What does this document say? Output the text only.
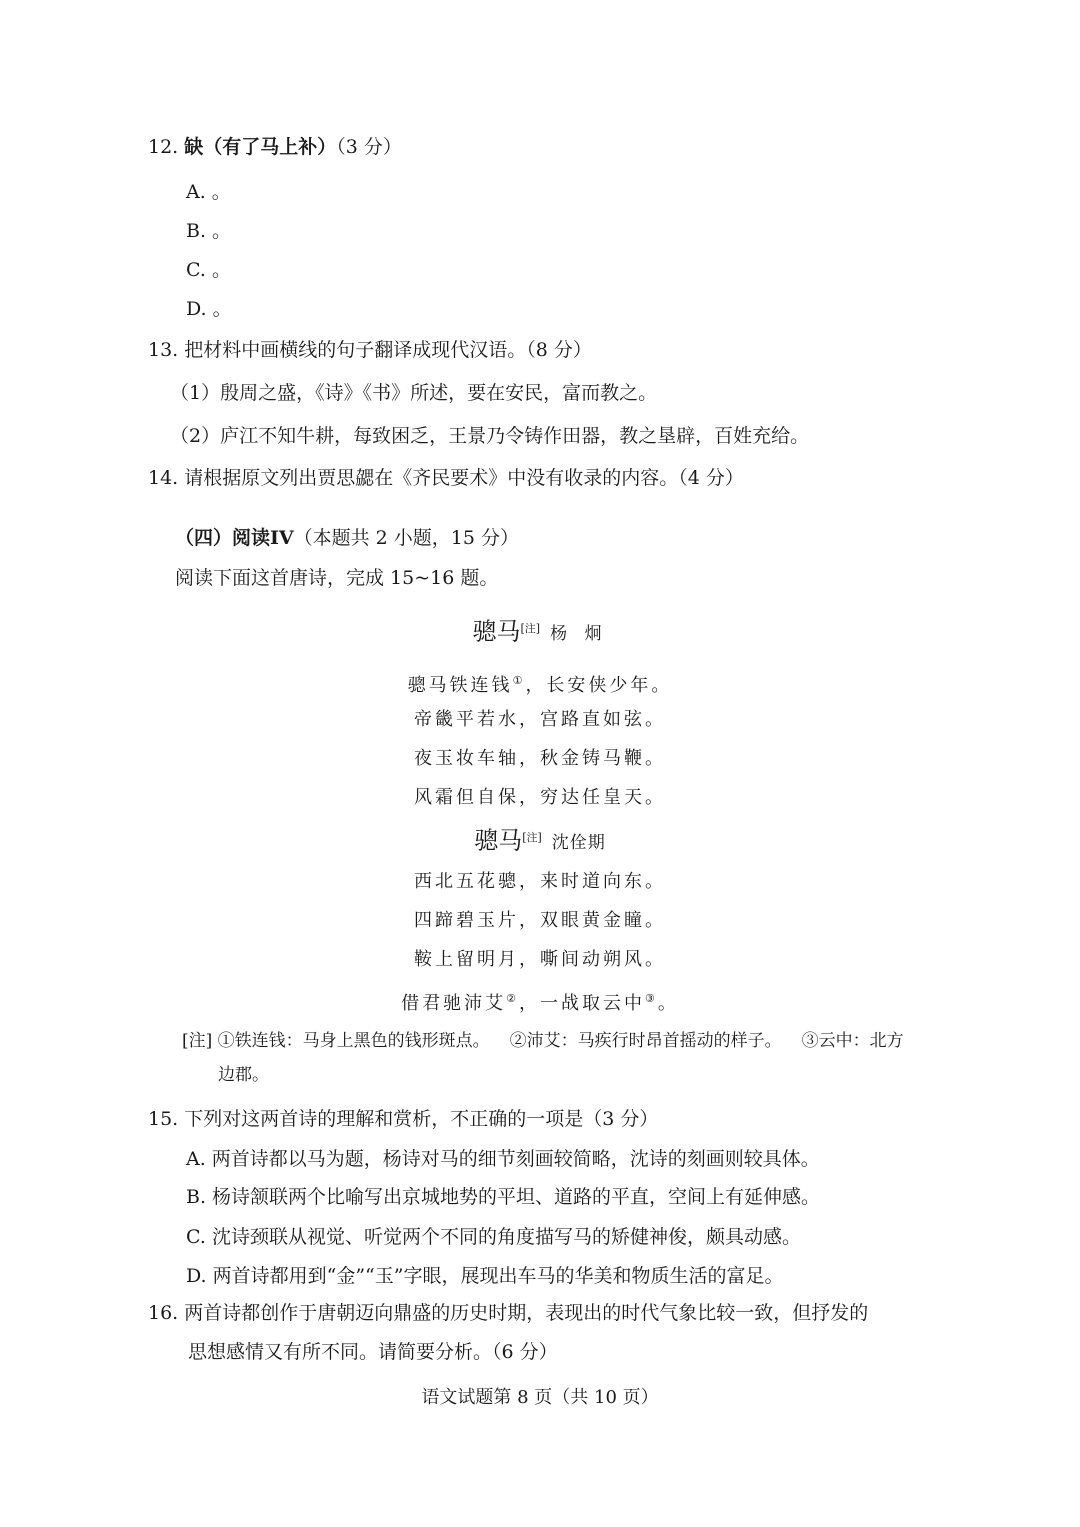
12. 缺（有了马上补）（3 分）
A. 。
B. 。
C. 。
D. 。
13. 把材料中画横线的句子翻译成现代汉语。（8 分）
（1）殷周之盛，《诗》《书》所述，要在安民，富而教之。
（2）庐江不知牛耕，每致困乏，王景乃令铸作田器，教之垦辟，百姓充给。
14. 请根据原文列出贾思勰在《齐民要术》中没有收录的内容。（4 分）
（四）阅读IV（本题共 2 小题，15 分）
阅读下面这首唐诗，完成 15~16 题。
骢马[注] 杨 炯
骢马铁连钱①，长安侠少年。
帝畿平若水，宫路直如弦。
夜玉妆车轴，秋金铸马鞭。
风霜但自保，穷达任皇天。
骢马[注] 沈佺期
西北五花骢，来时道向东。
四蹄碧玉片，双眼黄金瞳。
鞍上留明月，嘶间动朔风。
借君驰沛艾②，一战取云中③。
[注] ①铁连钱：马身上黑色的钱形斑点。 ②沛艾：马疾行时昂首摇动的样子。 ③云中：北方
边郡。
15. 下列对这两首诗的理解和赏析，不正确的一项是（3 分）
A. 两首诗都以马为题，杨诗对马的细节刻画较简略，沈诗的刻画则较具体。
B. 杨诗颔联两个比喻写出京城地势的平坦、道路的平直，空间上有延伸感。
C. 沈诗颈联从视觉、听觉两个不同的角度描写马的矫健神俊，颇具动感。
D. 两首诗都用到“金”“玉”字眼，展现出车马的华美和物质生活的富足。
16. 两首诗都创作于唐朝迈向鼎盛的历史时期，表现出的时代气象比较一致，但抒发的
思想感情又有所不同。请简要分析。（6 分）
语文试题第 8 页（共 10 页）
